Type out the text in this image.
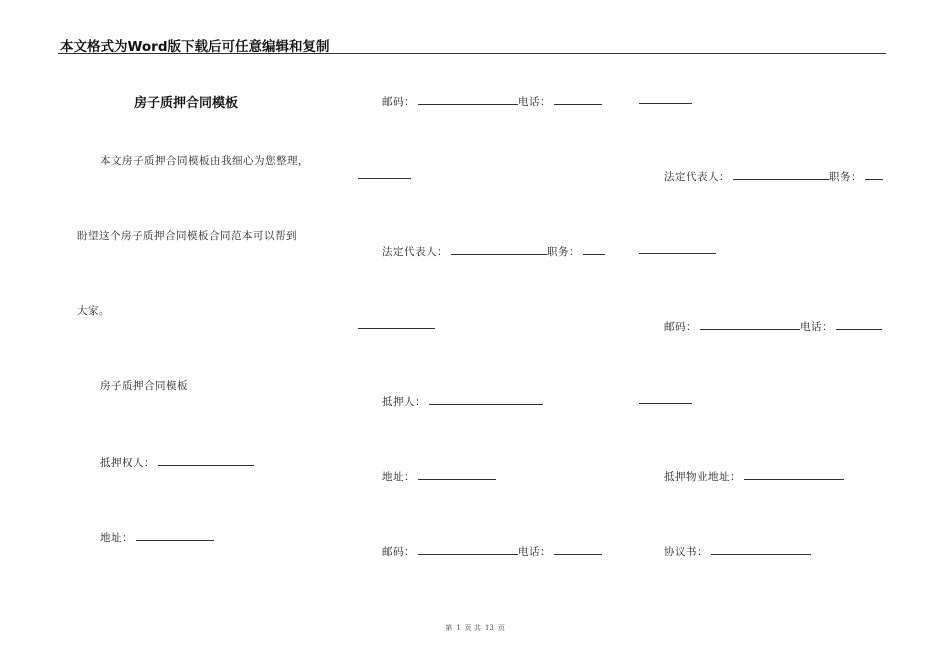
本文格式为Word版下载后可任意编辑和复制
房子质押合同模板
本文房子质押合同模板由我细心为您整理，
盼望这个房子质押合同模板合同范本可以帮到
大家。
房子质押合同模板
抵押权人：
地址：
邮码：	电话：
法定代表人：	职务：
抵押人：
地址：
邮码：	电话：
法定代表人：	职务：
邮码：	电话：
抵押物业地址：
协议书：
第 1 页 共 13 页
